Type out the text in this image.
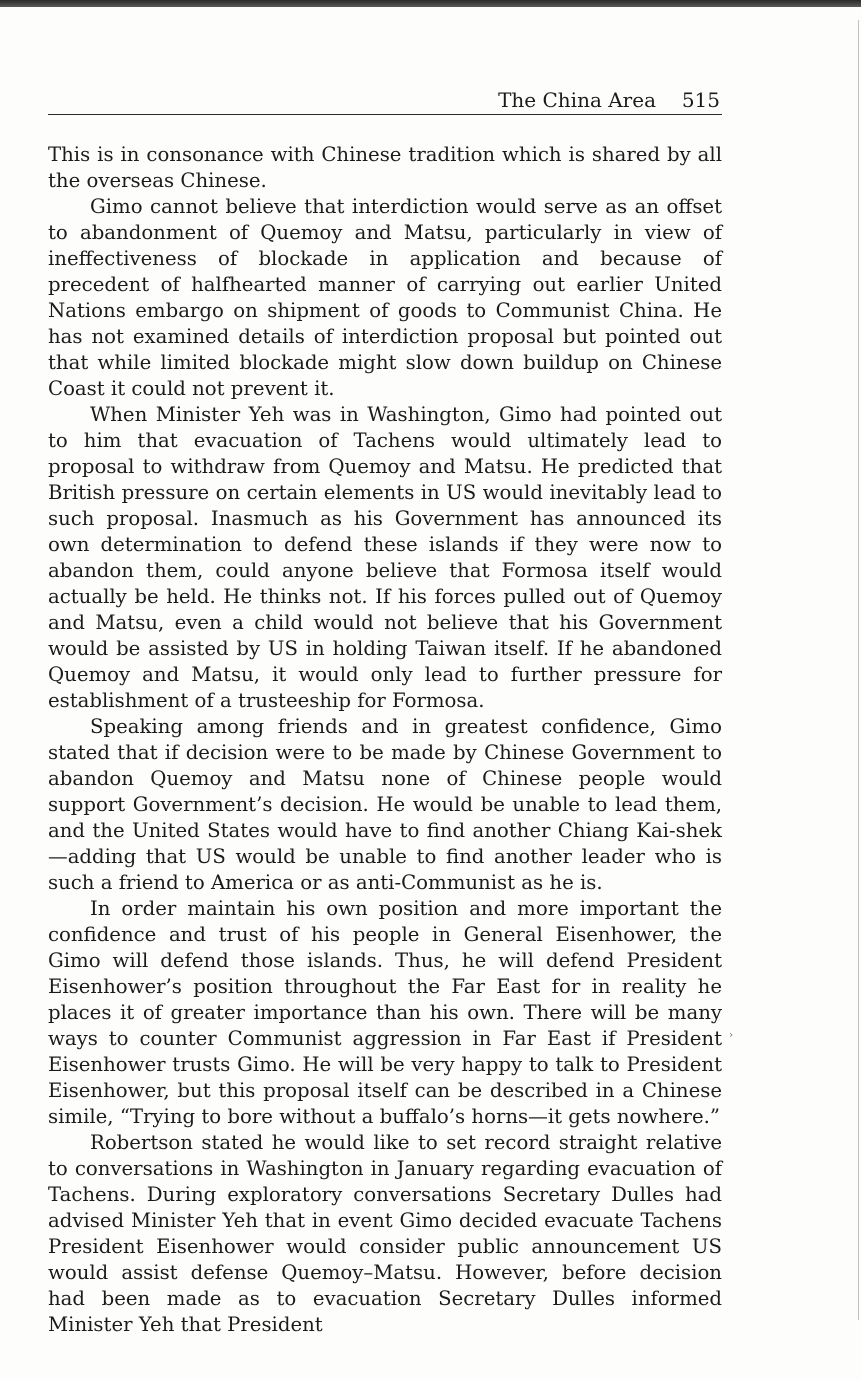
The China Area 515

This is in consonance with Chinese tradition which is shared by all the overseas Chinese.

Gimo cannot believe that interdiction would serve as an offset to abandonment of Quemoy and Matsu, particularly in view of ineffectiveness of blockade in application and because of precedent of halfhearted manner of carrying out earlier United Nations embargo on shipment of goods to Communist China. He has not examined details of interdiction proposal but pointed out that while limited blockade might slow down buildup on Chinese Coast it could not prevent it.

When Minister Yeh was in Washington, Gimo had pointed out to him that evacuation of Tachens would ultimately lead to proposal to withdraw from Quemoy and Matsu. He predicted that British pressure on certain elements in US would inevitably lead to such proposal. Inasmuch as his Government has announced its own determination to defend these islands if they were now to abandon them, could anyone believe that Formosa itself would actually be held. He thinks not. If his forces pulled out of Quemoy and Matsu, even a child would not believe that his Government would be assisted by US in holding Taiwan itself. If he abandoned Quemoy and Matsu, it would only lead to further pressure for establishment of a trusteeship for Formosa.

Speaking among friends and in greatest confidence, Gimo stated that if decision were to be made by Chinese Government to abandon Quemoy and Matsu none of Chinese people would support Government’s decision. He would be unable to lead them, and the United States would have to find another Chiang Kai-shek—adding that US would be unable to find another leader who is such a friend to America or as anti-Communist as he is.

In order maintain his own position and more important the confidence and trust of his people in General Eisenhower, the Gimo will defend those islands. Thus, he will defend President Eisenhower’s position throughout the Far East for in reality he places it of greater importance than his own. There will be many ways to counter Communist aggression in Far East if President Eisenhower trusts Gimo. He will be very happy to talk to President Eisenhower, but this proposal itself can be described in a Chinese simile, “Trying to bore without a buffalo’s horns—it gets nowhere.”

Robertson stated he would like to set record straight relative to conversations in Washington in January regarding evacuation of Tachens. During exploratory conversations Secretary Dulles had advised Minister Yeh that in event Gimo decided evacuate Tachens President Eisenhower would consider public announcement US would assist defense Quemoy–Matsu. However, before decision had been made as to evacuation Secretary Dulles informed Minister Yeh that President

›
